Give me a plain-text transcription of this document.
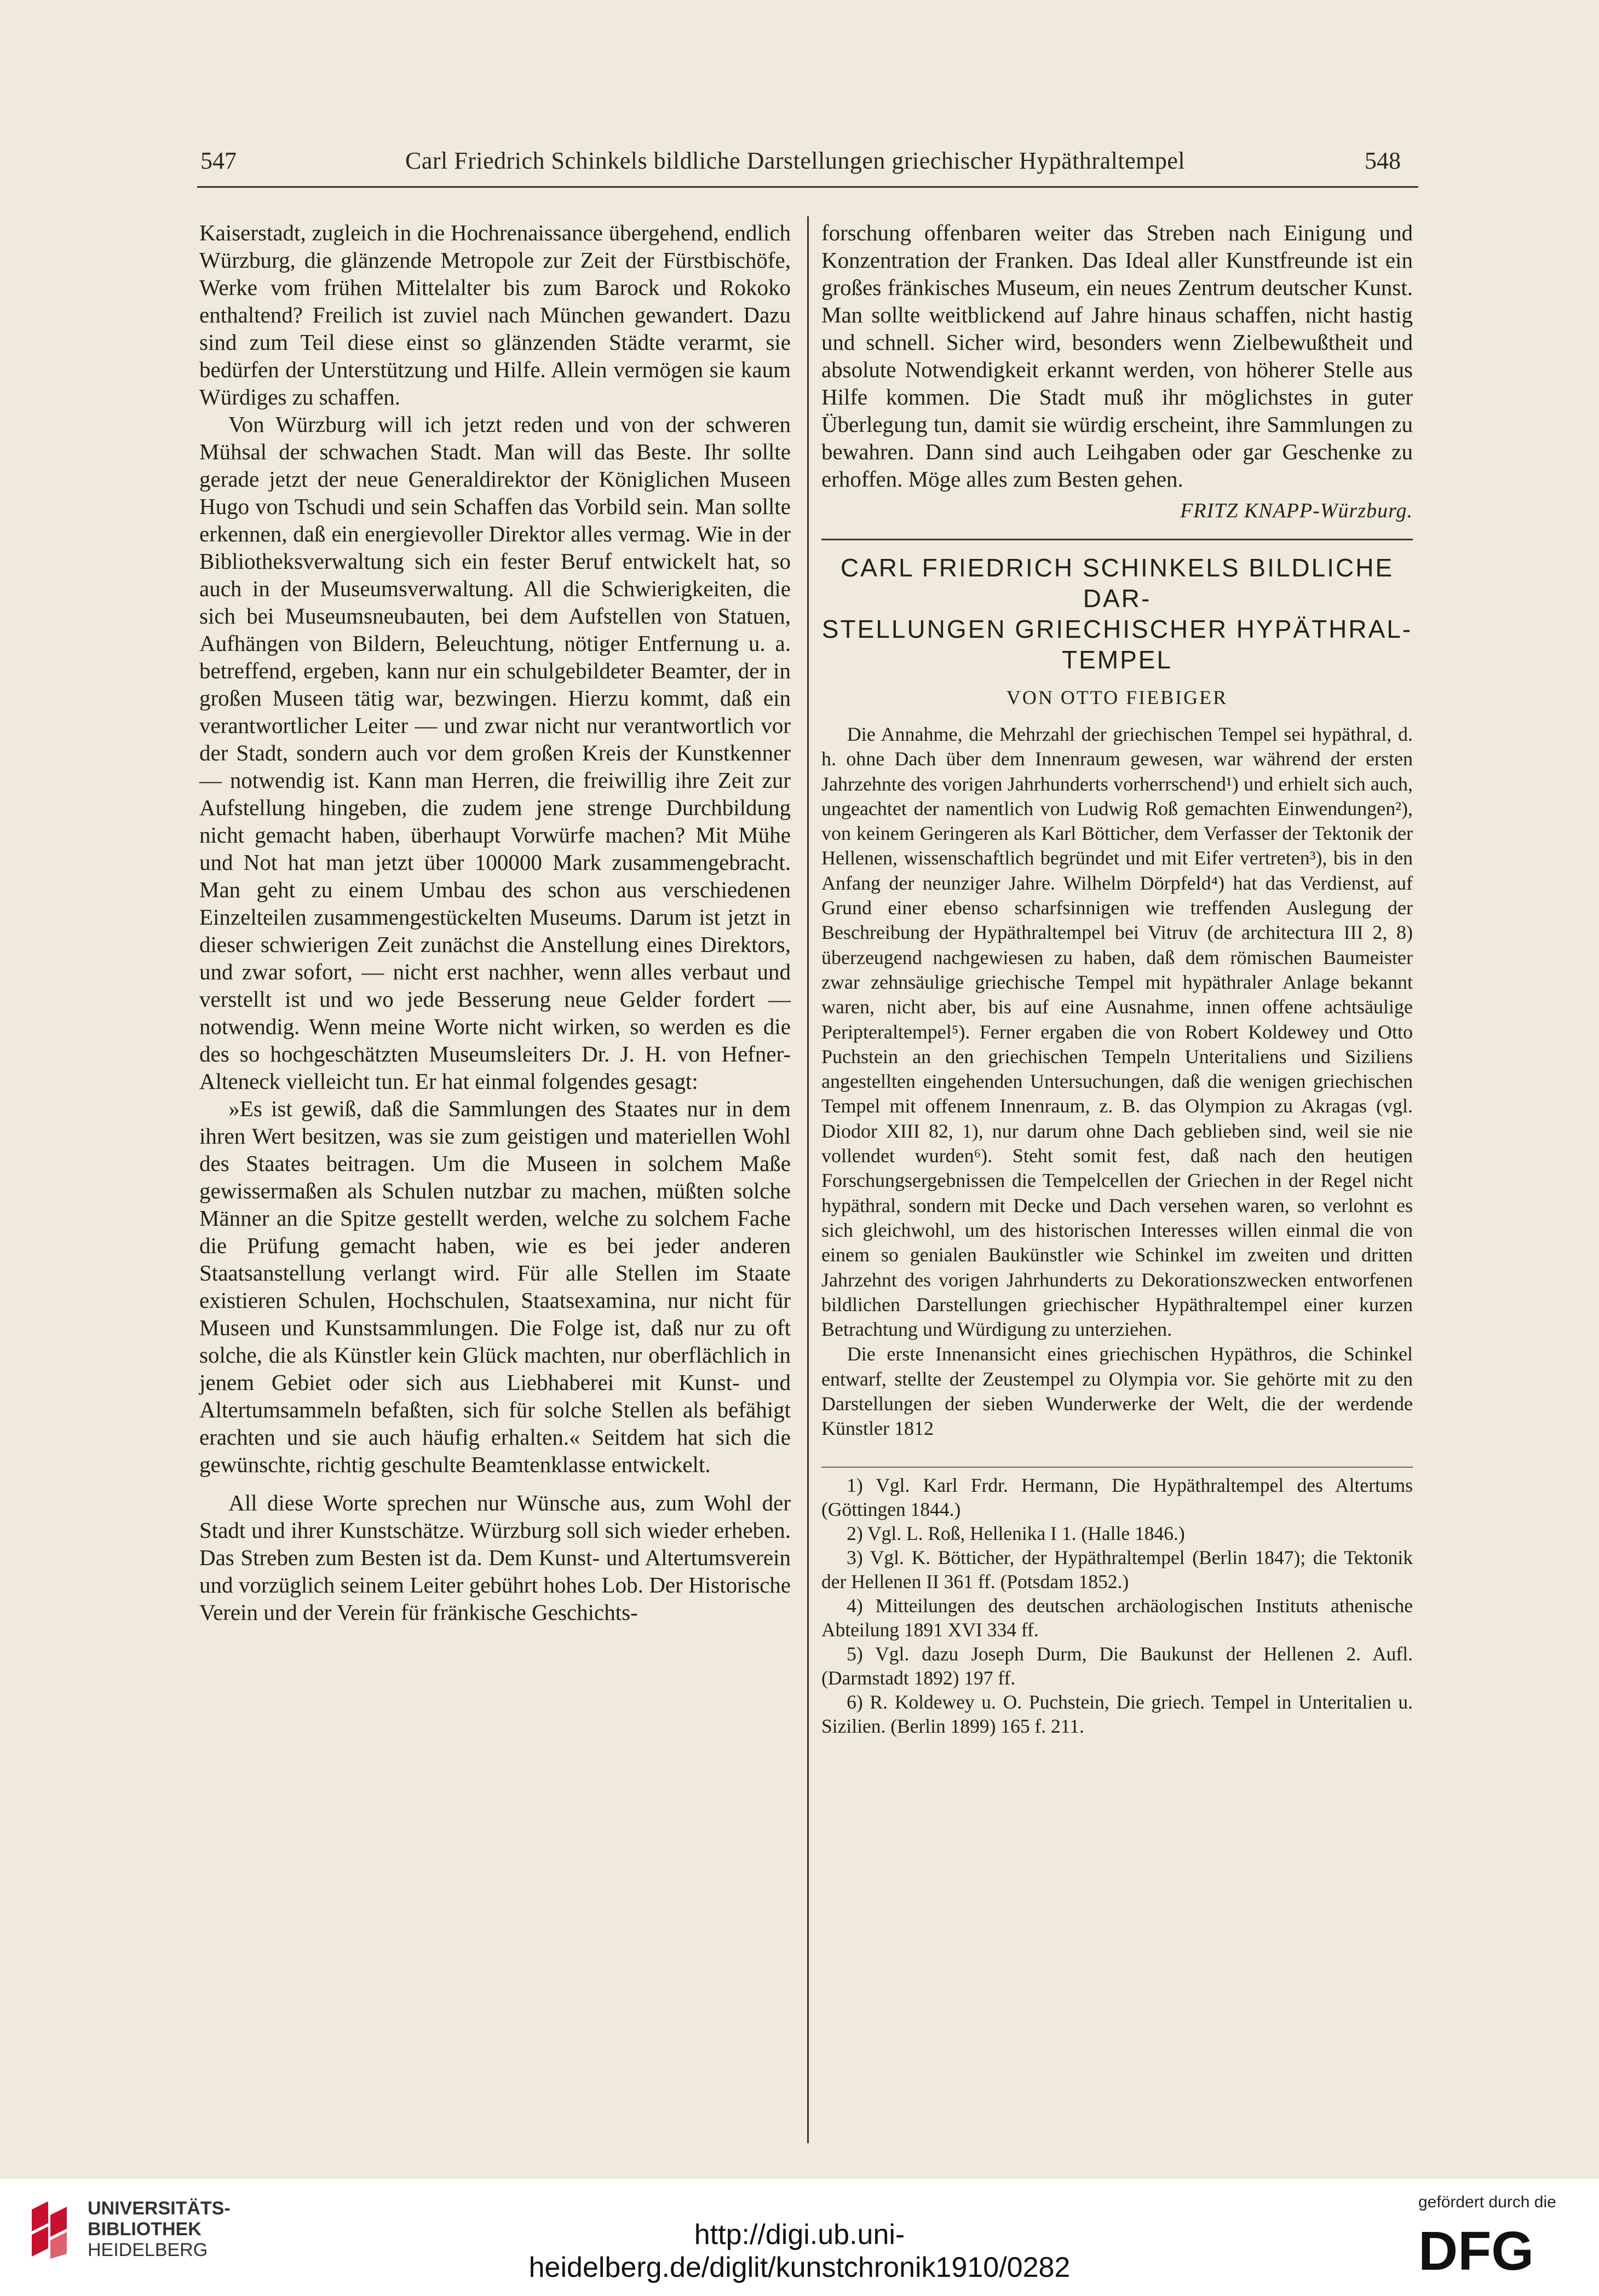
547	Carl Friedrich Schinkels bildliche Darstellungen griechischer Hypäthraltempel	548

Kaiserstadt, zugleich in die Hochrenaissance übergehend, endlich Würzburg, die glänzende Metropole zur Zeit der Fürstbischöfe, Werke vom frühen Mittelalter bis zum Barock und Rokoko enthaltend? Freilich ist zuviel nach München gewandert. Dazu sind zum Teil diese einst so glänzenden Städte verarmt, sie bedürfen der Unterstützung und Hilfe. Allein vermögen sie kaum Würdiges zu schaffen.

Von Würzburg will ich jetzt reden und von der schweren Mühsal der schwachen Stadt. Man will das Beste. Ihr sollte gerade jetzt der neue Generaldirektor der Königlichen Museen Hugo von Tschudi und sein Schaffen das Vorbild sein. Man sollte erkennen, daß ein energievoller Direktor alles vermag. Wie in der Bibliotheksverwaltung sich ein fester Beruf entwickelt hat, so auch in der Museumsverwaltung. All die Schwierigkeiten, die sich bei Museumsneubauten, bei dem Aufstellen von Statuen, Aufhängen von Bildern, Beleuchtung, nötiger Entfernung u. a. betreffend, ergeben, kann nur ein schulgebildeter Beamter, der in großen Museen tätig war, bezwingen. Hierzu kommt, daß ein verantwortlicher Leiter — und zwar nicht nur verantwortlich vor der Stadt, sondern auch vor dem großen Kreis der Kunstkenner — notwendig ist. Kann man Herren, die freiwillig ihre Zeit zur Aufstellung hingeben, die zudem jene strenge Durchbildung nicht gemacht haben, überhaupt Vorwürfe machen? Mit Mühe und Not hat man jetzt über 100000 Mark zusammengebracht. Man geht zu einem Umbau des schon aus verschiedenen Einzelteilen zusammengestückelten Museums. Darum ist jetzt in dieser schwierigen Zeit zunächst die Anstellung eines Direktors, und zwar sofort, — nicht erst nachher, wenn alles verbaut und verstellt ist und wo jede Besserung neue Gelder fordert — notwendig. Wenn meine Worte nicht wirken, so werden es die des so hochgeschätzten Museumsleiters Dr. J. H. von Hefner-Alteneck vielleicht tun. Er hat einmal folgendes gesagt:

»Es ist gewiß, daß die Sammlungen des Staates nur in dem ihren Wert besitzen, was sie zum geistigen und materiellen Wohl des Staates beitragen. Um die Museen in solchem Maße gewissermaßen als Schulen nutzbar zu machen, müßten solche Männer an die Spitze gestellt werden, welche zu solchem Fache die Prüfung gemacht haben, wie es bei jeder anderen Staatsanstellung verlangt wird. Für alle Stellen im Staate existieren Schulen, Hochschulen, Staatsexamina, nur nicht für Museen und Kunstsammlungen. Die Folge ist, daß nur zu oft solche, die als Künstler kein Glück machten, nur oberflächlich in jenem Gebiet oder sich aus Liebhaberei mit Kunst- und Altertumsammeln befaßten, sich für solche Stellen als befähigt erachten und sie auch häufig erhalten.« Seitdem hat sich die gewünschte, richtig geschulte Beamtenklasse entwickelt.

All diese Worte sprechen nur Wünsche aus, zum Wohl der Stadt und ihrer Kunstschätze. Würzburg soll sich wieder erheben. Das Streben zum Besten ist da. Dem Kunst- und Altertumsverein und vorzüglich seinem Leiter gebührt hohes Lob. Der Historische Verein und der Verein für fränkische Geschichts-

forschung offenbaren weiter das Streben nach Einigung und Konzentration der Franken. Das Ideal aller Kunstfreunde ist ein großes fränkisches Museum, ein neues Zentrum deutscher Kunst. Man sollte weitblickend auf Jahre hinaus schaffen, nicht hastig und schnell. Sicher wird, besonders wenn Zielbewußtheit und absolute Notwendigkeit erkannt werden, von höherer Stelle aus Hilfe kommen. Die Stadt muß ihr möglichstes in guter Überlegung tun, damit sie würdig erscheint, ihre Sammlungen zu bewahren. Dann sind auch Leihgaben oder gar Geschenke zu erhoffen. Möge alles zum Besten gehen.

FRITZ KNAPP-Würzburg.
CARL FRIEDRICH SCHINKELS BILDLICHE DAR-
STELLUNGEN GRIECHISCHER HYPÄTHRAL-
TEMPEL
VON OTTO FIEBIGER

Die Annahme, die Mehrzahl der griechischen Tempel sei hypäthral, d. h. ohne Dach über dem Innenraum gewesen, war während der ersten Jahrzehnte des vorigen Jahrhunderts vorherrschend¹) und erhielt sich auch, ungeachtet der namentlich von Ludwig Roß gemachten Einwendungen²), von keinem Geringeren als Karl Bötticher, dem Verfasser der Tektonik der Hellenen, wissenschaftlich begründet und mit Eifer vertreten³), bis in den Anfang der neunziger Jahre. Wilhelm Dörpfeld⁴) hat das Verdienst, auf Grund einer ebenso scharfsinnigen wie treffenden Auslegung der Beschreibung der Hypäthraltempel bei Vitruv (de architectura III 2, 8) überzeugend nachgewiesen zu haben, daß dem römischen Baumeister zwar zehnsäulige griechische Tempel mit hypäthraler Anlage bekannt waren, nicht aber, bis auf eine Ausnahme, innen offene achtsäulige Peripteraltempel⁵). Ferner ergaben die von Robert Koldewey und Otto Puchstein an den griechischen Tempeln Unteritaliens und Siziliens angestellten eingehenden Untersuchungen, daß die wenigen griechischen Tempel mit offenem Innenraum, z. B. das Olympion zu Akragas (vgl. Diodor XIII 82, 1), nur darum ohne Dach geblieben sind, weil sie nie vollendet wurden⁶). Steht somit fest, daß nach den heutigen Forschungsergebnissen die Tempelcellen der Griechen in der Regel nicht hypäthral, sondern mit Decke und Dach versehen waren, so verlohnt es sich gleichwohl, um des historischen Interesses willen einmal die von einem so genialen Baukünstler wie Schinkel im zweiten und dritten Jahrzehnt des vorigen Jahrhunderts zu Dekorationszwecken entworfenen bildlichen Darstellungen griechischer Hypäthraltempel einer kurzen Betrachtung und Würdigung zu unterziehen.

Die erste Innenansicht eines griechischen Hypäthros, die Schinkel entwarf, stellte der Zeustempel zu Olympia vor. Sie gehörte mit zu den Darstellungen der sieben Wunderwerke der Welt, die der werdende Künstler 1812

1) Vgl. Karl Frdr. Hermann, Die Hypäthraltempel des Altertums (Göttingen 1844.)

2) Vgl. L. Roß, Hellenika I 1. (Halle 1846.)

3) Vgl. K. Bötticher, der Hypäthraltempel (Berlin 1847); die Tektonik der Hellenen II 361 ff. (Potsdam 1852.)

4) Mitteilungen des deutschen archäologischen Instituts athenische Abteilung 1891 XVI 334 ff.

5) Vgl. dazu Joseph Durm, Die Baukunst der Hellenen 2. Aufl. (Darmstadt 1892) 197 ff.

6) R. Koldewey u. O. Puchstein, Die griech. Tempel in Unteritalien u. Sizilien. (Berlin 1899) 165 f. 211.

UNIVERSITÄTS-
BIBLIOTHEK
HEIDELBERG	http://digi.ub.uni-heidelberg.de/diglit/kunstchronik1910/0282
gefördert durch die
DFG
